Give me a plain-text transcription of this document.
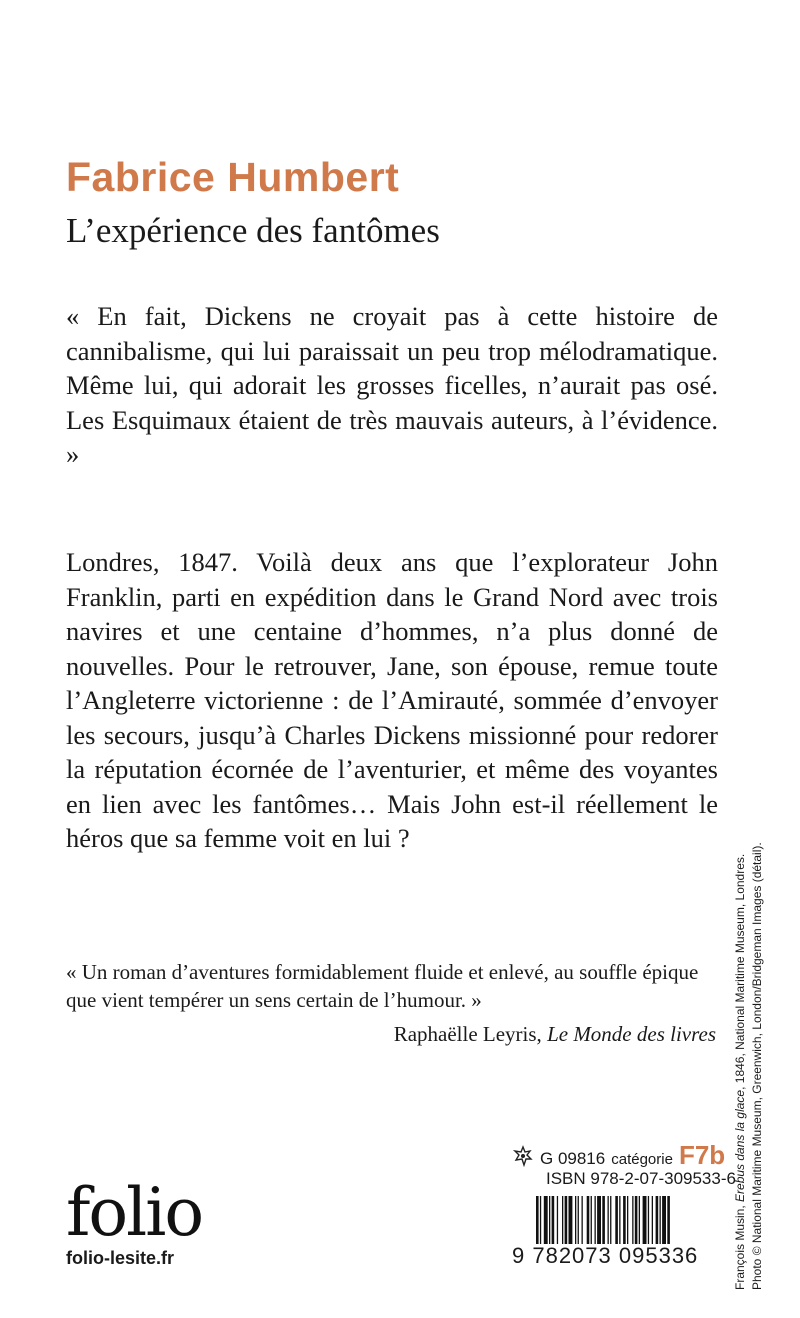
Fabrice Humbert
L’expérience des fantômes

« En fait, Dickens ne croyait pas à cette histoire de cannibalisme, qui lui paraissait un peu trop mélodramatique. Même lui, qui adorait les grosses ficelles, n’aurait pas osé. Les Esquimaux étaient de très mauvais auteurs, à l’évidence. »

Londres, 1847. Voilà deux ans que l’explorateur John Franklin, parti en expédition dans le Grand Nord avec trois navires et une centaine d’hommes, n’a plus donné de nouvelles. Pour le retrouver, Jane, son épouse, remue toute l’Angleterre victorienne : de l’Amirauté, sommée d’envoyer les secours, jusqu’à Charles Dickens missionné pour redorer la réputation écornée de l’aventurier, et même des voyantes en lien avec les fantômes… Mais John est-il réellement le héros que sa femme voit en lui ?

« Un roman d’aventures formidablement fluide et enlevé, au souffle épique que vient tempérer un sens certain de l’humour. »

Raphaëlle Leyris, Le Monde des livres

folio
folio-lesite.fr
G 09816 catégorie F7b
ISBN 978-2-07-309533-6
9 782073 095336	François Musin, Erebus dans la glace, 1846, National Maritime Museum, Londres. Photo © National Maritime Museum, Greenwich, London/Bridgeman Images (détail).
